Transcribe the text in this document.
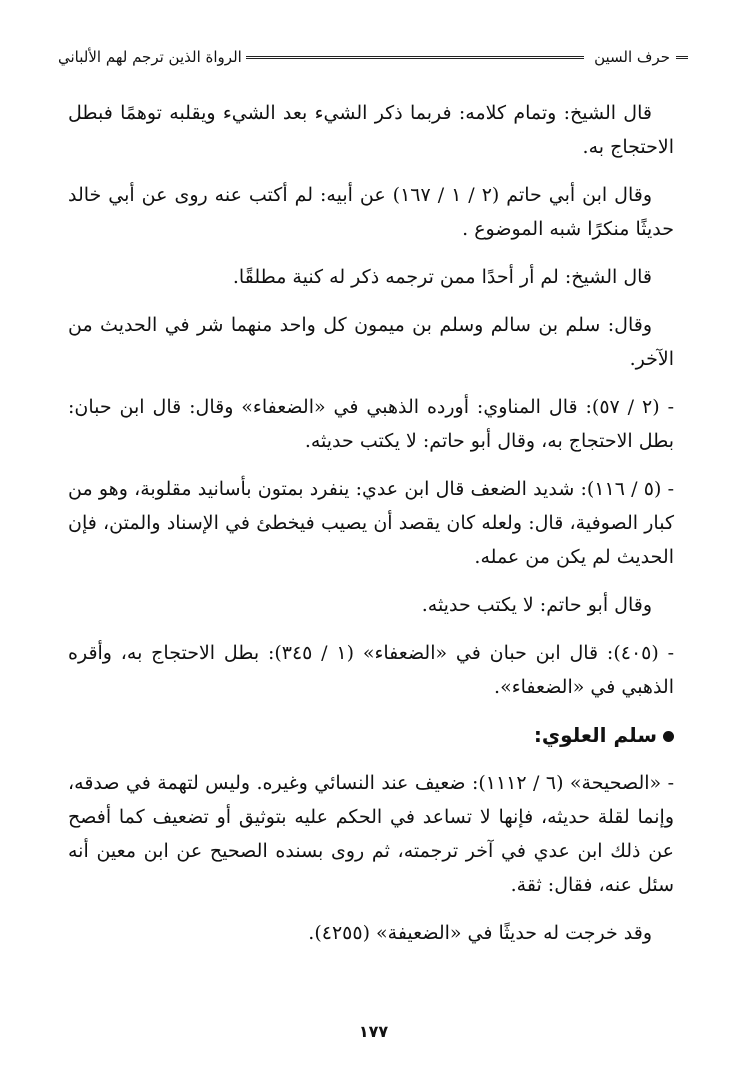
حرف السين
الرواة الذين ترجم لهم الألباني

قال الشيخ: وتمام كلامه: فربما ذكر الشيء بعد الشيء ويقلبه توهمًا فبطل الاحتجاج به.

وقال ابن أبي حاتم (٢ / ١ / ١٦٧) عن أبيه: لم أكتب عنه روى عن أبي خالد حديثًا منكرًا شبه الموضوع .

قال الشيخ: لم أر أحدًا ممن ترجمه ذكر له كنية مطلقًا.

وقال: سلم بن سالم وسلم بن ميمون كل واحد منهما شر في الحديث من الآخر.

- (٢ / ٥٧): قال المناوي: أورده الذهبي في «الضعفاء» وقال: قال ابن حبان: بطل الاحتجاج به، وقال أبو حاتم: لا يكتب حديثه.

- (٥ / ١١٦): شديد الضعف قال ابن عدي: ينفرد بمتون بأسانيد مقلوبة، وهو من كبار الصوفية، قال: ولعله كان يقصد أن يصيب فيخطئ في الإسناد والمتن، فإن الحديث لم يكن من عمله.

وقال أبو حاتم: لا يكتب حديثه.

- (٤٠٥): قال ابن حبان في «الضعفاء» (١ / ٣٤٥): بطل الاحتجاج به، وأقره الذهبي في «الضعفاء».

سلم العلوي:

- «الصحيحة» (٦ / ١١١٢): ضعيف عند النسائي وغيره. وليس لتهمة في صدقه، وإنما لقلة حديثه، فإنها لا تساعد في الحكم عليه بتوثيق أو تضعيف كما أفصح عن ذلك ابن عدي في آخر ترجمته، ثم روى بسنده الصحيح عن ابن معين أنه سئل عنه، فقال: ثقة.

وقد خرجت له حديثًا في «الضعيفة» (٤٢٥٥).

١٧٧
